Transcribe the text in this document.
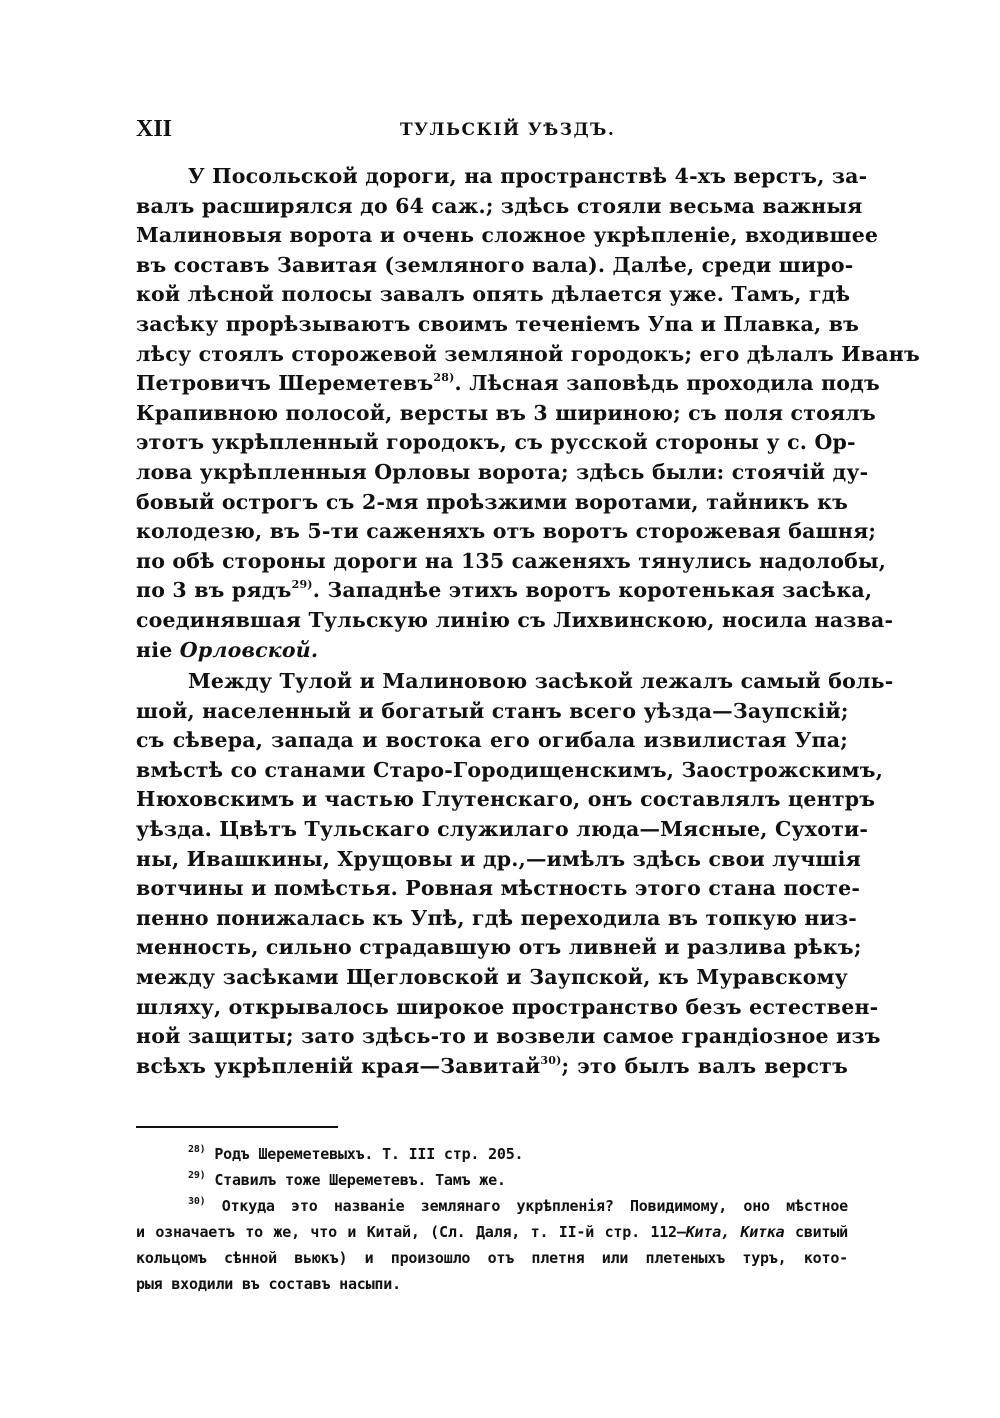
XII	ТУЛЬСКІЙ УѢЗДЪ.
У Посольской дороги, на пространствѣ 4-хъ верстъ, за-
валъ расширялся до 64 саж.; здѣсь стояли весьма важныя
Малиновыя ворота и очень сложное укрѣпленіе, входившее
въ составъ Завитая (земляного вала). Далѣе, среди широ-
кой лѣсной полосы завалъ опять дѣлается уже. Тамъ, гдѣ
засѣку прорѣзываютъ своимъ теченіемъ Упа и Плавка, въ
лѣсу стоялъ сторожевой земляной городокъ; его дѣлалъ Иванъ
Петровичъ Шереметевъ$^{28)}$. Лѣсная заповѣдь проходила подъ
Крапивною полосой, версты въ 3 шириною; съ поля стоялъ
этотъ укрѣпленный городокъ, съ русской стороны у с. Ор-
лова укрѣпленныя Орловы ворота; здѣсь были: стоячій ду-
бовый острогъ съ 2-мя проѣзжими воротами, тайникъ къ
колодезю, въ 5-ти саженяхъ отъ воротъ сторожевая башня;
по обѣ стороны дороги на 135 саженяхъ тянулись надолобы,
по 3 въ рядъ$^{29)}$. Западнѣе этихъ воротъ коротенькая засѣка,
соединявшая Тульскую линію съ Лихвинскою, носила назва-
ніе Орловской.
Между Тулой и Малиновою засѣкой лежалъ самый боль-
шой, населенный и богатый станъ всего уѣзда—Заупскій;
съ сѣвера, запада и востока его огибала извилистая Упа;
вмѣстѣ со станами Старо-Городищенскимъ, Заострожскимъ,
Нюховскимъ и частью Глутенскаго, онъ составлялъ центръ
уѣзда. Цвѣтъ Тульскаго служилаго люда—Мясные, Сухоти-
ны, Ивашкины, Хрущовы и др.,—имѣлъ здѣсь свои лучшія
вотчины и помѣстья. Ровная мѣстность этого стана посте-
пенно понижалась къ Упѣ, гдѣ переходила въ топкую низ-
менность, сильно страдавшую отъ ливней и разлива рѣкъ;
между засѣками Щегловской и Заупской, къ Муравскому
шляху, открывалось широкое пространство безъ естествен-
ной защиты; зато здѣсь-то и возвели самое грандіозное изъ
всѣхъ укрѣпленій края—Завитай$^{30)}$; это былъ валъ верстъ
$^{28)}$ Родъ Шереметевыхъ. Т. III стр. 205.
$^{29)}$ Ставилъ тоже Шереметевъ. Тамъ же.
$^{30)}$ Откуда это названіе землянаго укрѣпленія? Повидимому, оно мѣстное
и означаетъ то же, что и Китай, (Сл. Даля, т. II-й стр. 112—Кита, Китка свитый
кольцомъ сѣнной вьюкъ) и произошло отъ плетня или плетеныхъ туръ, кото-
рыя входили въ составъ насыпи.
